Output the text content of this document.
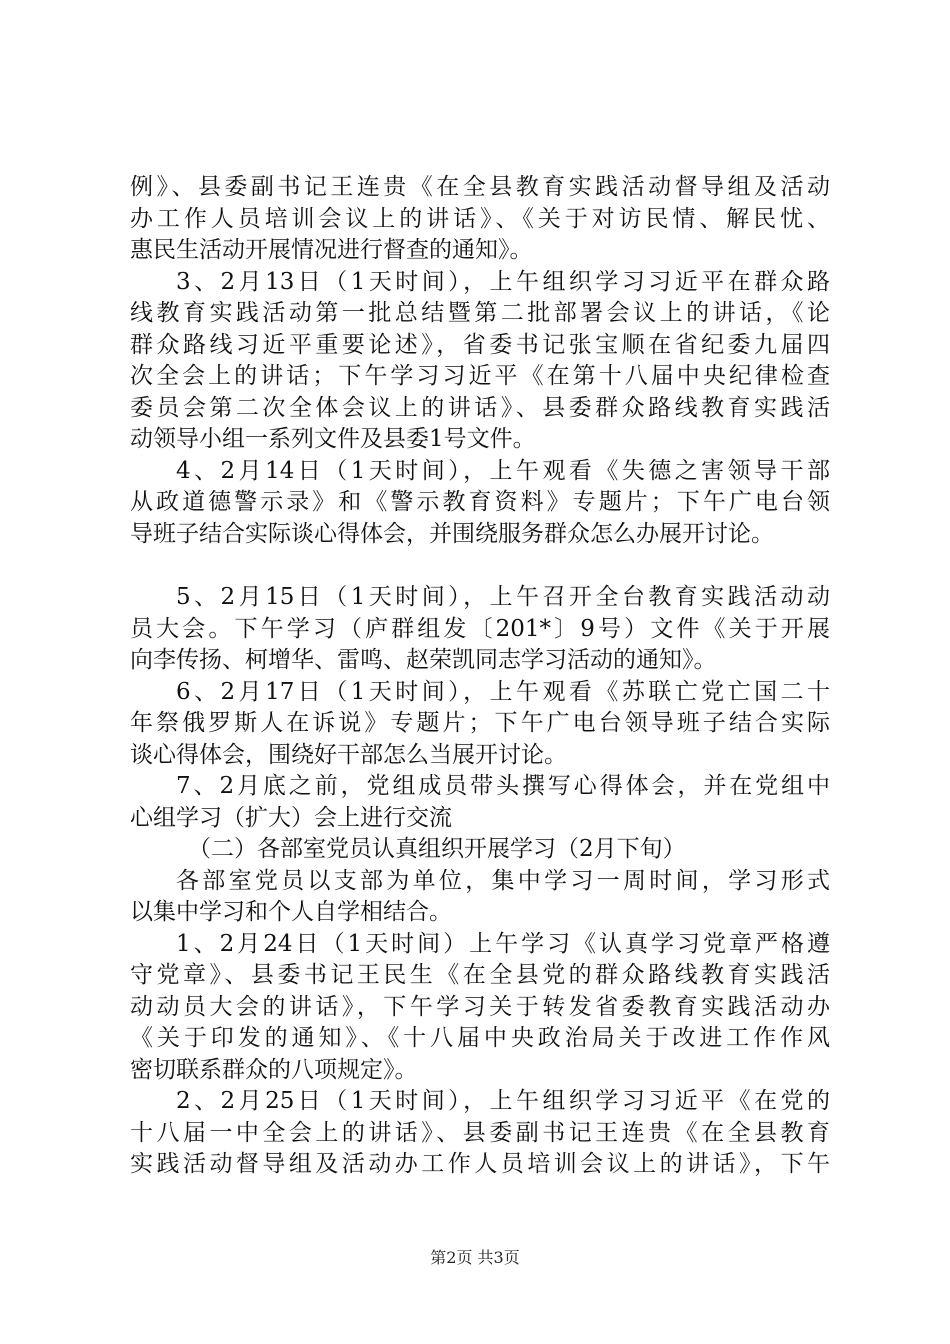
例》、县委副书记王连贵《在全县教育实践活动督导组及活动
办工作人员培训会议上的讲话》、《关于对访民情、解民忧、
惠民生活动开展情况进行督查的通知》。
3、2月13日（1天时间），上午组织学习习近平在群众路
线教育实践活动第一批总结暨第二批部署会议上的讲话，《论
群众路线习近平重要论述》，省委书记张宝顺在省纪委九届四
次全会上的讲话；下午学习习近平《在第十八届中央纪律检查
委员会第二次全体会议上的讲话》、县委群众路线教育实践活
动领导小组一系列文件及县委1号文件。
4、2月14日（1天时间），上午观看《失德之害领导干部
从政道德警示录》和《警示教育资料》专题片；下午广电台领
导班子结合实际谈心得体会，并围绕服务群众怎么办展开讨论。
5、2月15日（1天时间），上午召开全台教育实践活动动
员大会。下午学习（庐群组发〔201*〕9号）文件《关于开展
向李传扬、柯增华、雷鸣、赵荣凯同志学习活动的通知》。
6、2月17日（1天时间），上午观看《苏联亡党亡国二十
年祭俄罗斯人在诉说》专题片；下午广电台领导班子结合实际
谈心得体会，围绕好干部怎么当展开讨论。
7、2月底之前，党组成员带头撰写心得体会，并在党组中
心组学习（扩大）会上进行交流
（二）各部室党员认真组织开展学习（2月下旬）
各部室党员以支部为单位，集中学习一周时间，学习形式
以集中学习和个人自学相结合。
1、2月24日（1天时间）上午学习《认真学习党章严格遵
守党章》、县委书记王民生《在全县党的群众路线教育实践活
动动员大会的讲话》，下午学习关于转发省委教育实践活动办
《关于印发的通知》、《十八届中央政治局关于改进工作作风
密切联系群众的八项规定》。
2、2月25日（1天时间），上午组织学习习近平《在党的
十八届一中全会上的讲话》、县委副书记王连贵《在全县教育
实践活动督导组及活动办工作人员培训会议上的讲话》，下午
第2页 共3页
